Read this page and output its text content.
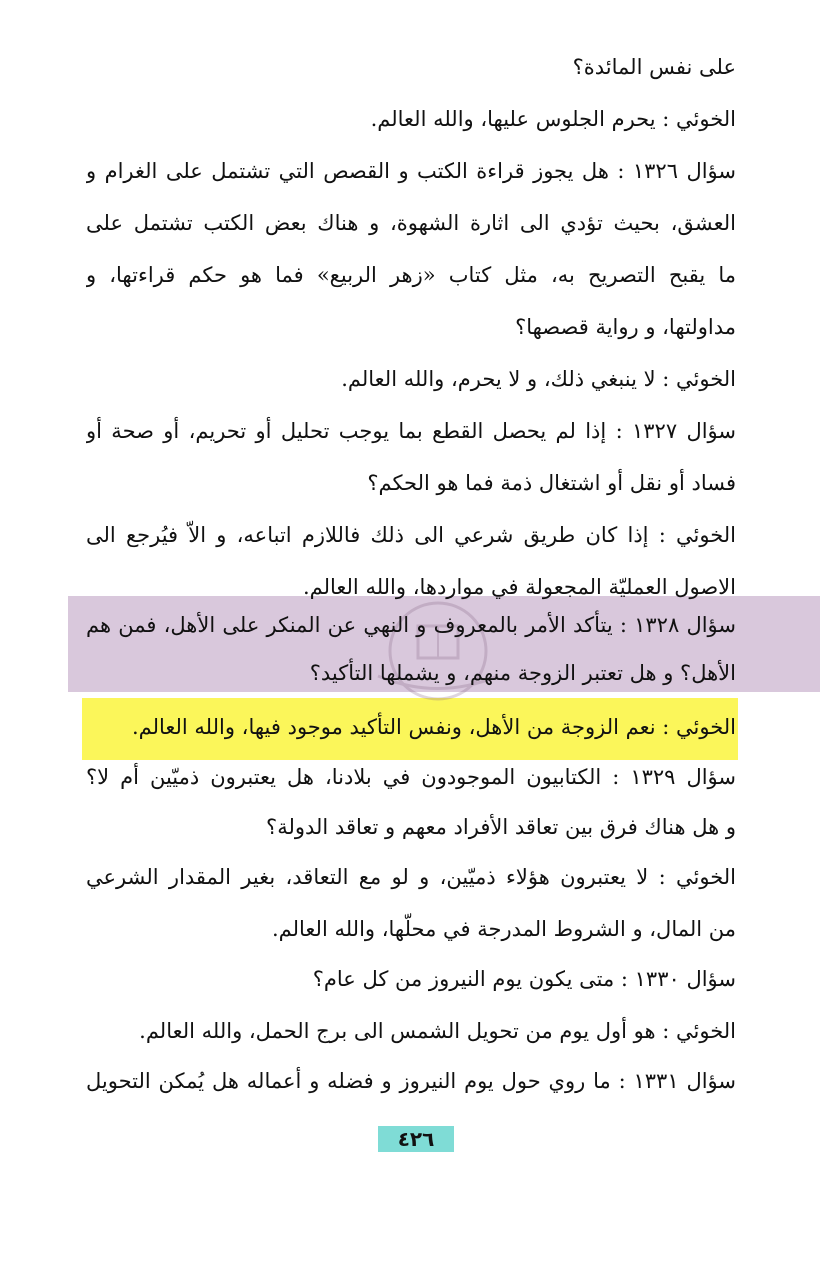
على نفس المائدة؟
الخوئي : يحرم الجلوس عليها، والله العالم.
سؤال ١٣٢٦ : هل يجوز قراءة الكتب و القصص التي تشتمل على الغرام و
العشق، بحيث تؤدي الى اثارة الشهوة، و هناك بعض الكتب تشتمل على
ما يقبح التصريح به، مثل كتاب «زهر الربيع» فما هو حكم قراءتها، و
مداولتها، و رواية قصصها؟
الخوئي : لا ينبغي ذلك، و لا يحرم، والله العالم.
سؤال ١٣٢٧ : إذا لم يحصل القطع بما يوجب تحليل أو تحريم، أو صحة أو
فساد أو نقل أو اشتغال ذمة فما هو الحكم؟
الخوئي : إذا كان طريق شرعي الى ذلك فاللازم اتباعه، و الاّ فيُرجع الى
الاصول العمليّة المجعولة في مواردها، والله العالم.
سؤال ١٣٢٨ : يتأكد الأمر بالمعروف و النهي عن المنكر على الأهل، فمن هم
الأهل؟ و هل تعتبر الزوجة منهم، و يشملها التأكيد؟
الخوئي : نعم الزوجة من الأهل، ونفس التأكيد موجود فيها، والله العالم.
سؤال ١٣٢٩ : الكتابيون الموجودون في بلادنا، هل يعتبرون ذميّين أم لا؟
و هل هناك فرق بين تعاقد الأفراد معهم و تعاقد الدولة؟
الخوئي : لا يعتبرون هؤلاء ذميّين، و لو مع التعاقد، بغير المقدار الشرعي
من المال، و الشروط المدرجة في محلّها، والله العالم.
سؤال ١٣٣٠ : متى يكون يوم النيروز من كل عام؟
الخوئي : هو أول يوم من تحويل الشمس الى برج الحمل، والله العالم.
سؤال ١٣٣١ : ما روي حول يوم النيروز و فضله و أعماله هل يُمكن التحويل
٤٢٦
